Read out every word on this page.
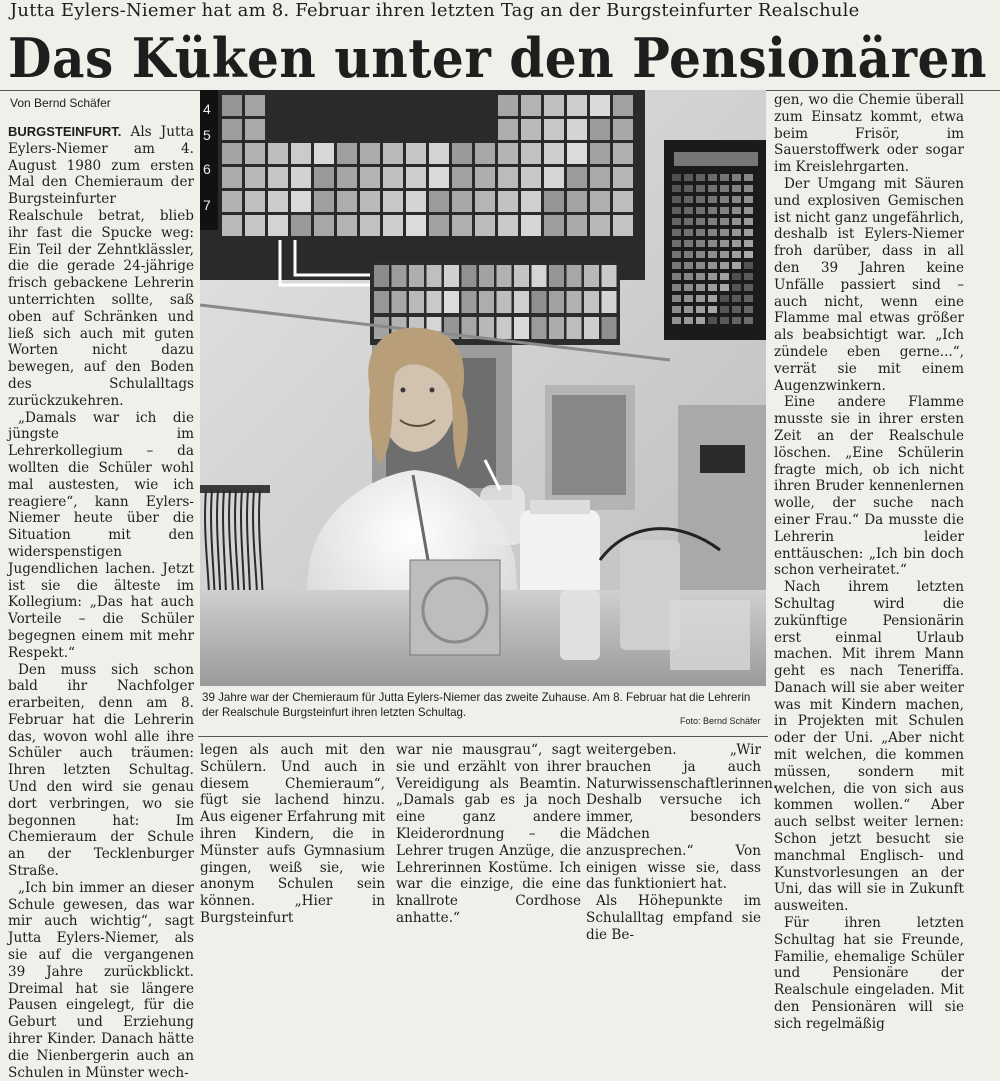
Jutta Eylers-Niemer hat am 8. Februar ihren letzten Tag an der Burgsteinfurter Realschule
Das Küken unter den Pensionären
Von Bernd Schäfer

BURGSTEINFURT. Als Jutta Eylers-Niemer am 4. August 1980 zum ersten Mal den Chemieraum der Burgsteinfurter Realschule betrat, blieb ihr fast die Spucke weg: Ein Teil der Zehntklässler, die die gerade 24-jährige frisch gebackene Lehrerin unterrichten sollte, saß oben auf Schränken und ließ sich auch mit guten Worten nicht dazu bewegen, auf den Boden des Schulalltags zurückzukehren.

„Damals war ich die jüngste im Lehrerkollegium – da wollten die Schüler wohl mal austesten, wie ich reagiere“, kann Eylers-Niemer heute über die Situation mit den widerspenstigen Jugendlichen lachen. Jetzt ist sie die älteste im Kollegium: „Das hat auch Vorteile – die Schüler begegnen einem mit mehr Respekt.“

Den muss sich schon bald ihr Nachfolger erarbeiten, denn am 8. Februar hat die Lehrerin das, wovon wohl alle ihre Schüler auch träumen: Ihren letzten Schultag. Und den wird sie genau dort verbringen, wo sie begonnen hat: Im Chemieraum der Schule an der Tecklenburger Straße.

„Ich bin immer an dieser Schule gewesen, das war mir auch wichtig“, sagt Jutta Eylers-Niemer, als sie auf die vergangenen 39 Jahre zurückblickt. Dreimal hat sie längere Pausen eingelegt, für die Geburt und Erziehung ihrer Kinder. Danach hätte die Nienbergerin auch an Schulen in Münster wech-

4
5
6
7
39 Jahre war der Chemieraum für Jutta Eylers-Niemer das zweite Zuhause. Am 8. Februar hat die Lehrerin der Realschule Burgsteinfurt ihren letzten Schultag.
Foto: Bernd Schäfer

legen als auch mit den Schülern. Und auch in diesem Chemieraum“, fügt sie lachend hinzu. Aus eigener Erfahrung mit ihren Kindern, die in Münster aufs Gymnasium gingen, weiß sie, wie anonym Schulen sein können. „Hier in Burgsteinfurt

war nie mausgrau“, sagt sie und erzählt von ihrer Vereidigung als Beamtin. „Damals gab es ja noch eine ganz andere Kleiderordnung – die Lehrer trugen Anzüge, die Lehrerinnen Kostüme. Ich war die einzige, die eine knallrote Cordhose anhatte.“

weitergeben. „Wir brauchen ja auch Naturwissenschaftlerinnen. Deshalb versuche ich immer, besonders Mädchen anzusprechen.“ Von einigen wisse sie, dass das funktioniert hat.

Als Höhepunkte im Schulalltag empfand sie die Be-

gen, wo die Chemie überall zum Einsatz kommt, etwa beim Frisör, im Sauerstoffwerk oder sogar im Kreislehrgarten.

Der Umgang mit Säuren und explosiven Gemischen ist nicht ganz ungefährlich, deshalb ist Eylers-Niemer froh darüber, dass in all den 39 Jahren keine Unfälle passiert sind – auch nicht, wenn eine Flamme mal etwas größer als beabsichtigt war. „Ich zündele eben gerne...“, verrät sie mit einem Augenzwinkern.

Eine andere Flamme musste sie in ihrer ersten Zeit an der Realschule löschen. „Eine Schülerin fragte mich, ob ich nicht ihren Bruder kennenlernen wolle, der suche nach einer Frau.“ Da musste die Lehrerin leider enttäuschen: „Ich bin doch schon verheiratet.“

Nach ihrem letzten Schultag wird die zukünftige Pensionärin erst einmal Urlaub machen. Mit ihrem Mann geht es nach Teneriffa. Danach will sie aber weiter was mit Kindern machen, in Projekten mit Schulen oder der Uni. „Aber nicht mit welchen, die kommen müssen, sondern mit welchen, die von sich aus kommen wollen.“ Aber auch selbst weiter lernen: Schon jetzt besucht sie manchmal Englisch- und Kunstvorlesungen an der Uni, das will sie in Zukunft ausweiten.

Für ihren letzten Schultag hat sie Freunde, Familie, ehemalige Schüler und Pensionäre der Realschule eingeladen. Mit den Pensionären will sie sich regelmäßig
